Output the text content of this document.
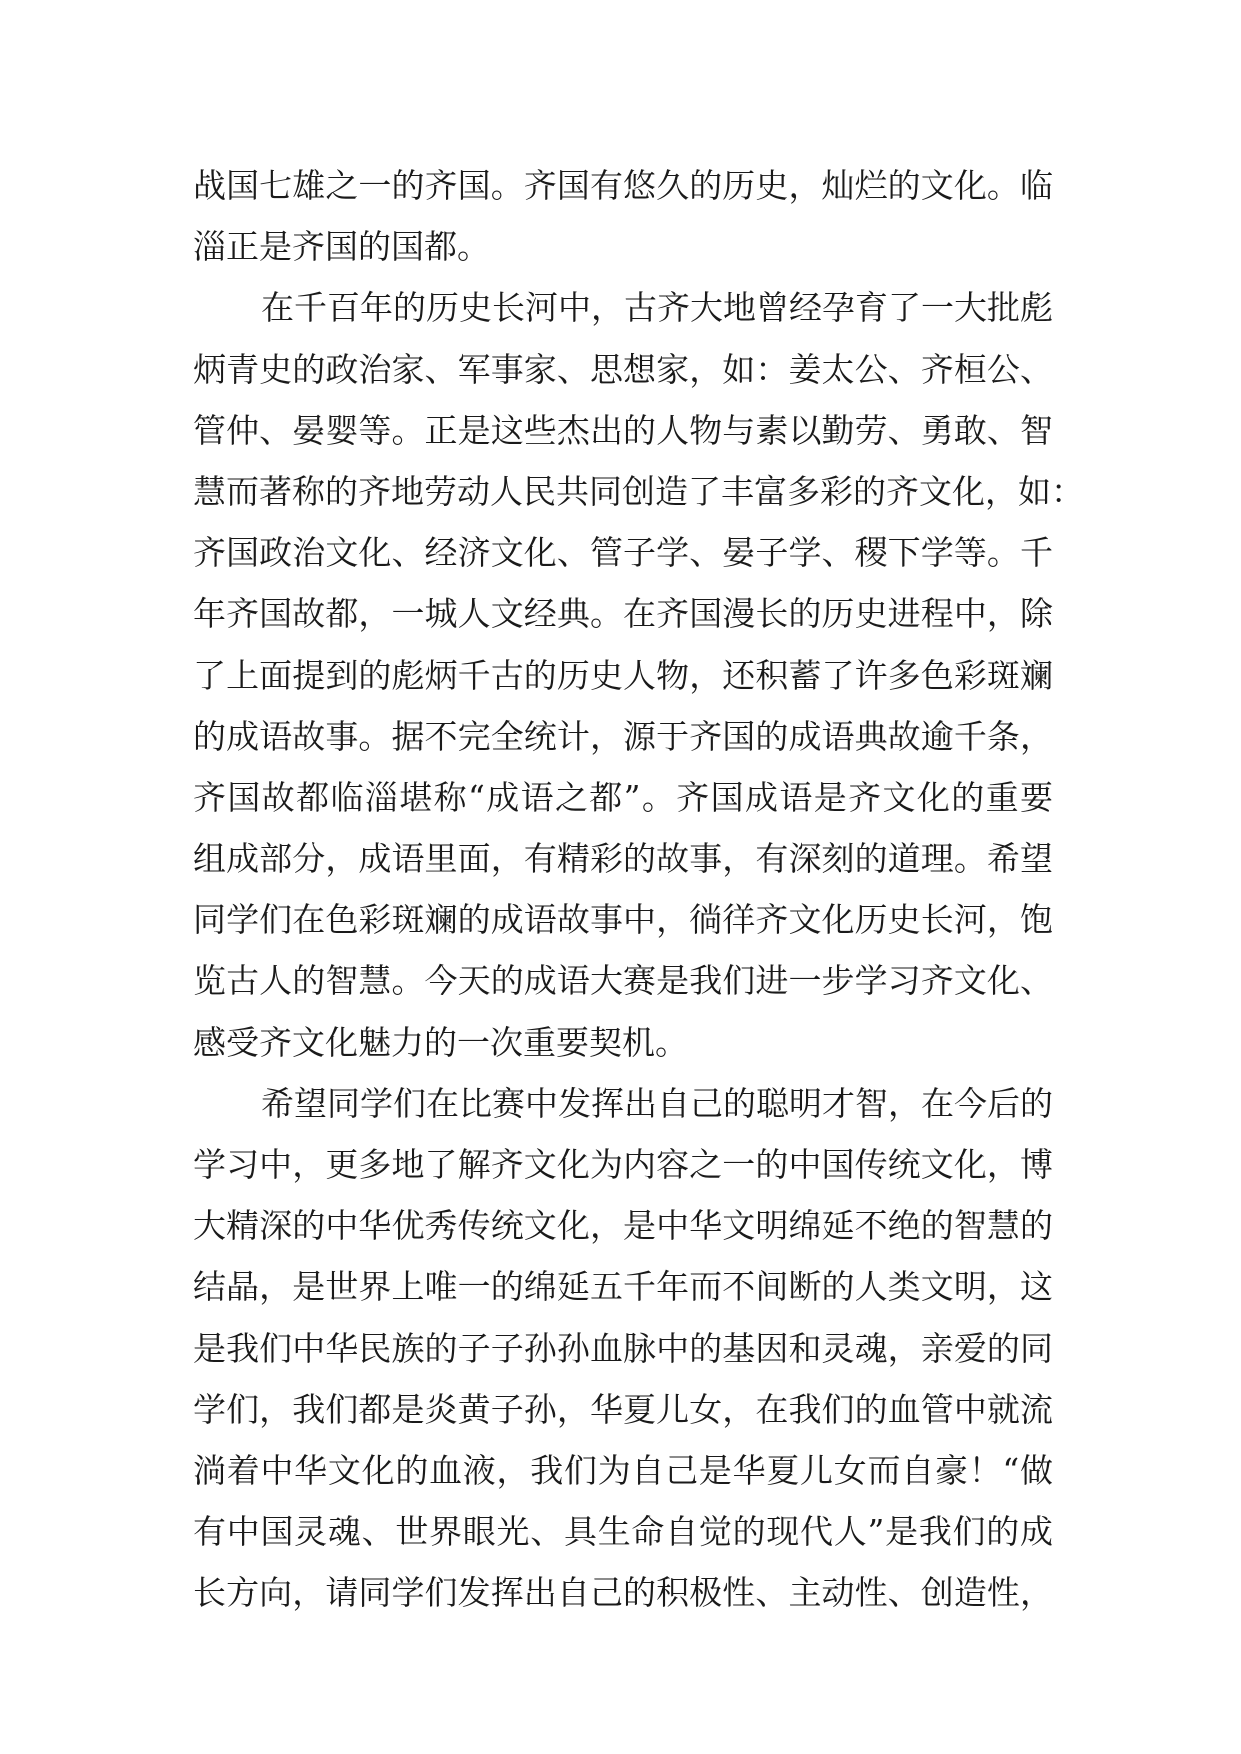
战国七雄之一的齐国。齐国有悠久的历史，灿烂的文化。临
淄正是齐国的国都。
在千百年的历史长河中，古齐大地曾经孕育了一大批彪
炳青史的政治家、军事家、思想家，如：姜太公、齐桓公、
管仲、晏婴等。正是这些杰出的人物与素以勤劳、勇敢、智
慧而著称的齐地劳动人民共同创造了丰富多彩的齐文化，如：
齐国政治文化、经济文化、管子学、晏子学、稷下学等。千
年齐国故都，一城人文经典。在齐国漫长的历史进程中，除
了上面提到的彪炳千古的历史人物，还积蓄了许多色彩斑斓
的成语故事。据不完全统计，源于齐国的成语典故逾千条，
齐国故都临淄堪称“成语之都”。齐国成语是齐文化的重要
组成部分，成语里面，有精彩的故事，有深刻的道理。希望
同学们在色彩斑斓的成语故事中，徜徉齐文化历史长河，饱
览古人的智慧。今天的成语大赛是我们进一步学习齐文化、
感受齐文化魅力的一次重要契机。
希望同学们在比赛中发挥出自己的聪明才智，在今后的
学习中，更多地了解齐文化为内容之一的中国传统文化，博
大精深的中华优秀传统文化，是中华文明绵延不绝的智慧的
结晶，是世界上唯一的绵延五千年而不间断的人类文明，这
是我们中华民族的子子孙孙血脉中的基因和灵魂，亲爱的同
学们，我们都是炎黄子孙，华夏儿女，在我们的血管中就流
淌着中华文化的血液，我们为自己是华夏儿女而自豪！“做
有中国灵魂、世界眼光、具生命自觉的现代人”是我们的成
长方向，请同学们发挥出自己的积极性、主动性、创造性，
